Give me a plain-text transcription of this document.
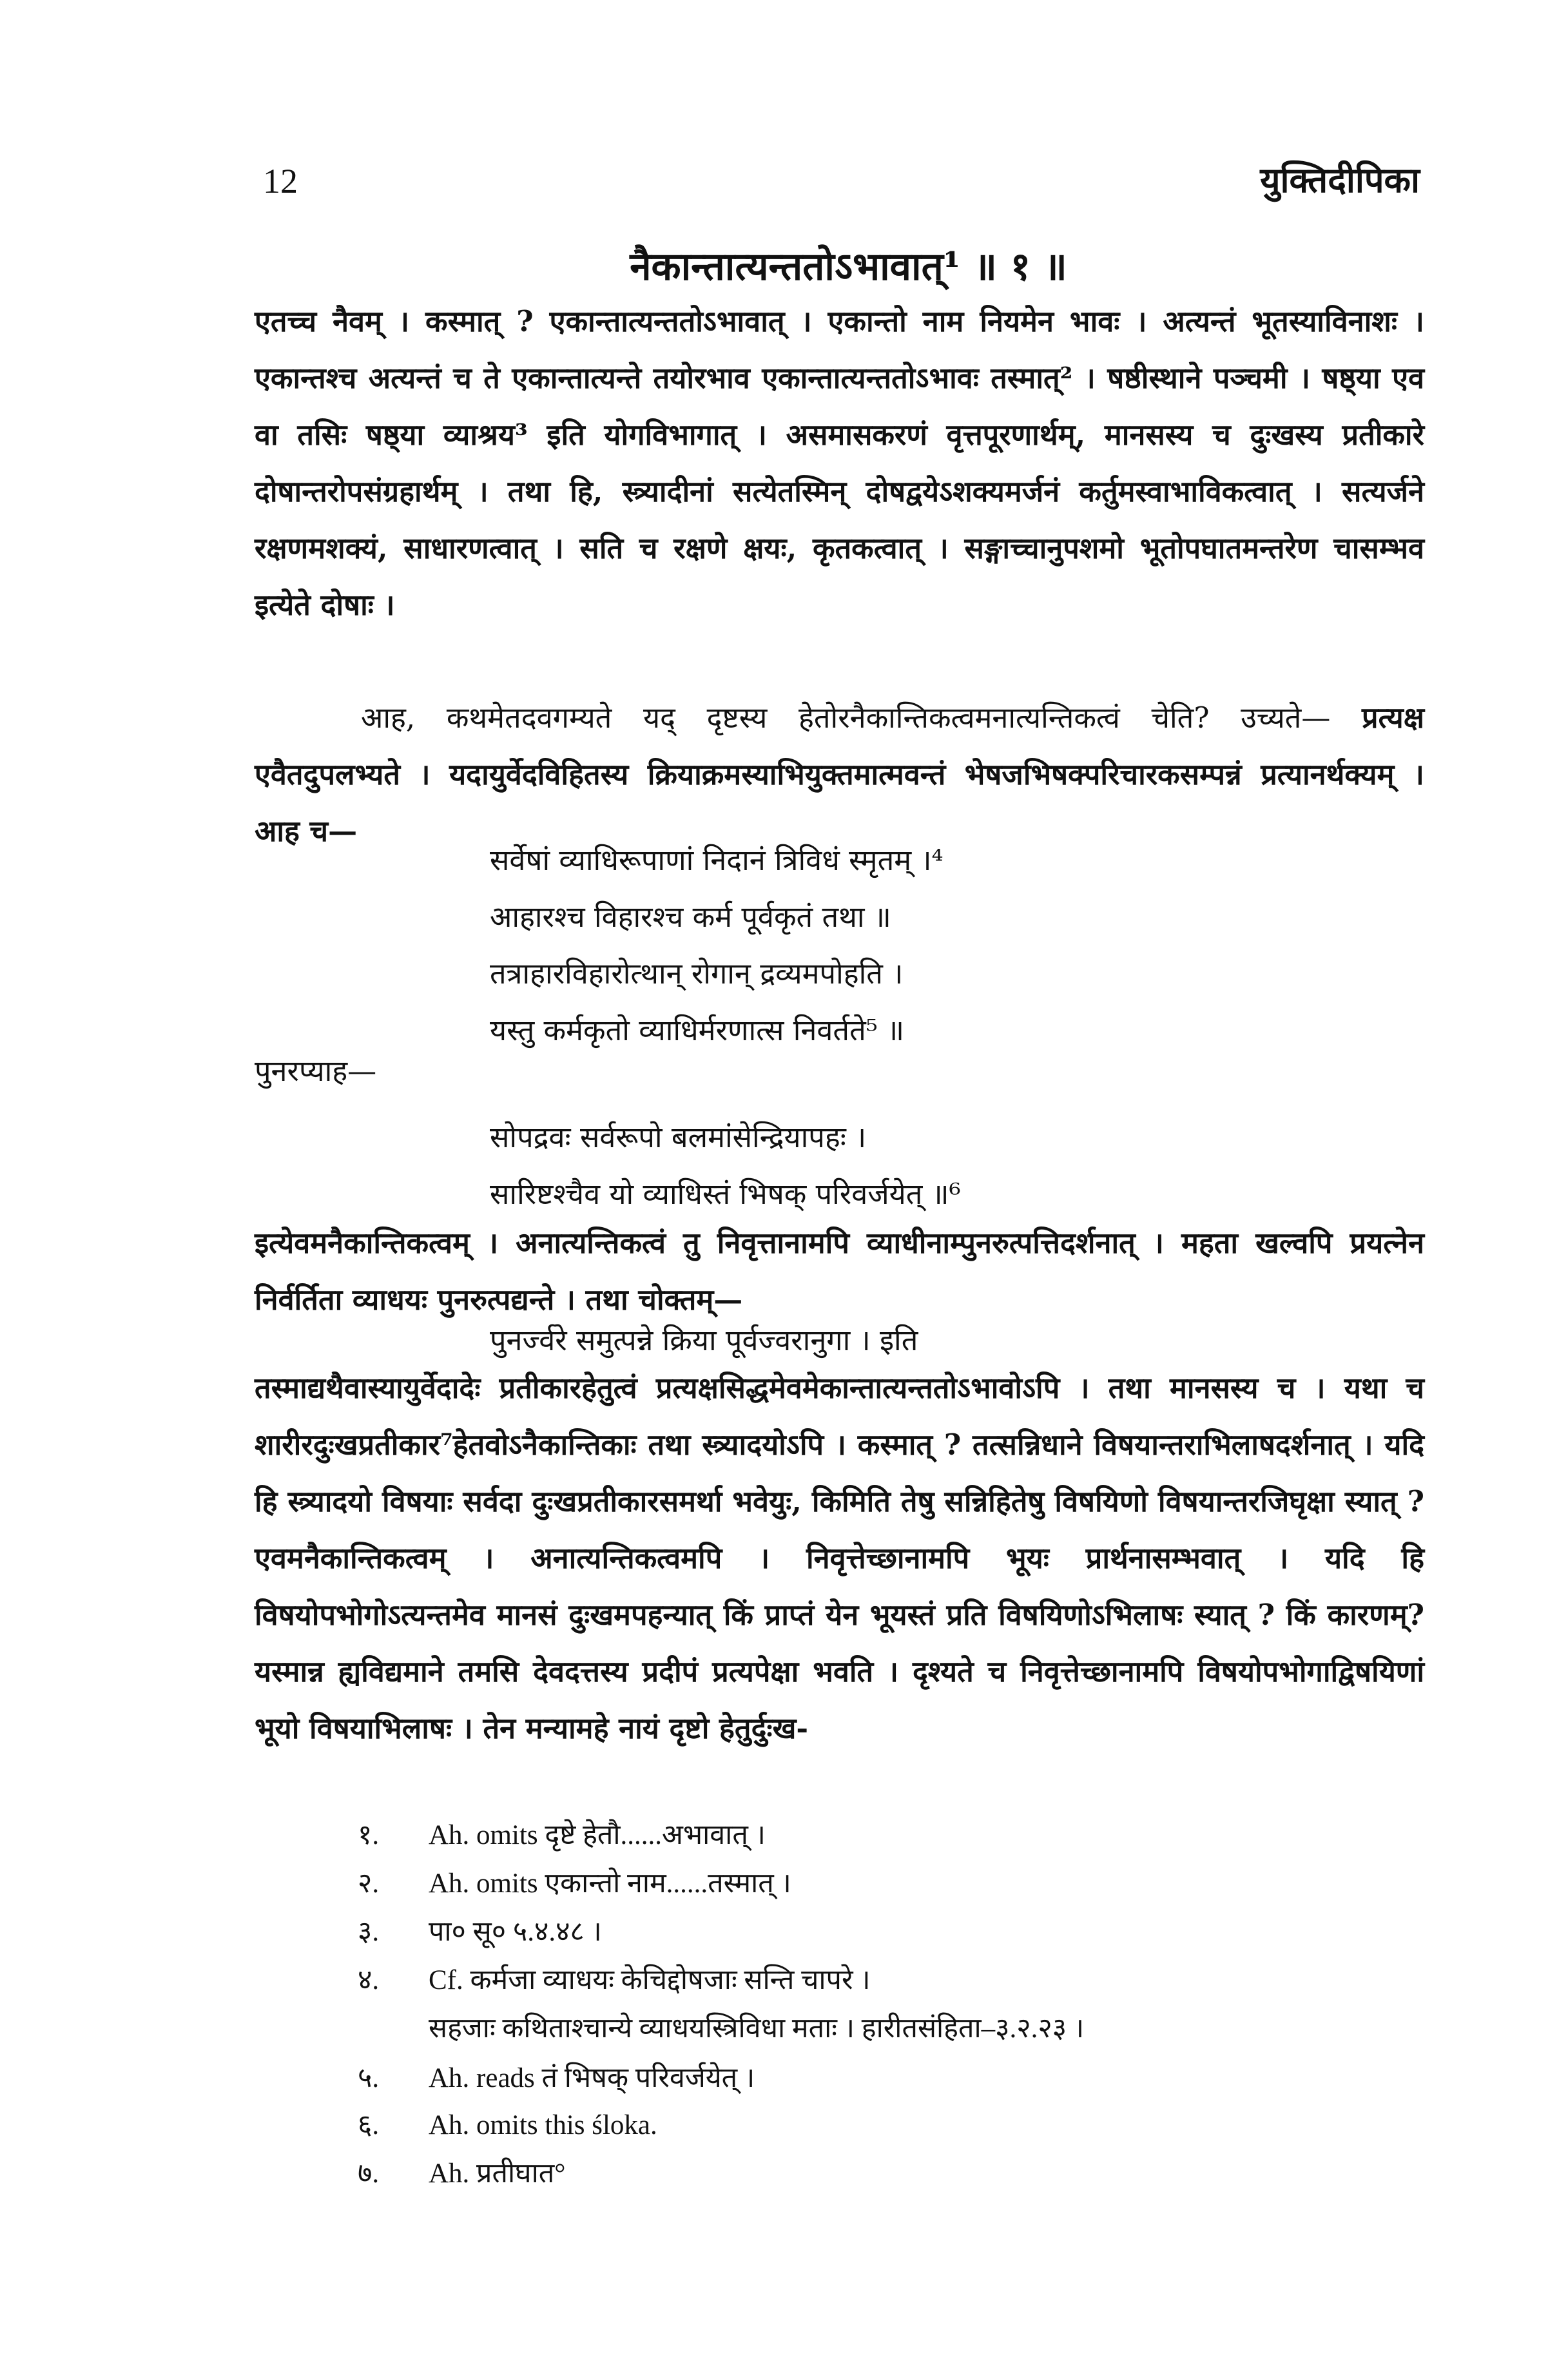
12	युक्तिदीपिका
नैकान्तात्यन्ततोऽभावात्¹ ॥ १ ॥
एतच्च नैवम् । कस्मात् ? एकान्तात्यन्ततोऽभावात् । एकान्तो नाम नियमेन भावः । अत्यन्तं भूतस्याविनाशः । एकान्तश्च अत्यन्तं च ते एकान्तात्यन्ते तयोरभाव एकान्तात्यन्ततोऽभावः तस्मात्² । षष्ठीस्थाने पञ्चमी । षष्ठ्या एव वा तसिः षष्ठ्या व्याश्रय³ इति योगविभागात् । असमासकरणं वृत्तपूरणार्थम्, मानसस्य च दुःखस्य प्रतीकारे दोषान्तरोपसंग्रहार्थम् । तथा हि, स्त्र्यादीनां सत्येतस्मिन् दोषद्वयेऽशक्यमर्जनं कर्तुमस्वाभाविकत्वात् । सत्यर्जने रक्षणमशक्यं, साधारणत्वात् । सति च रक्षणे क्षयः, कृतकत्वात् । सङ्गाच्चानुपशमो भूतोपघातमन्तरेण चासम्भव इत्येते दोषाः ।
आह, कथमेतदवगम्यते यद् दृष्टस्य हेतोरनैकान्तिकत्वमनात्यन्तिकत्वं चेति? उच्यते— प्रत्यक्ष एवैतदुपलभ्यते । यदायुर्वेदविहितस्य क्रियाक्रमस्याभियुक्तमात्मवन्तं भेषजभिषक्परिचारकसम्पन्नं प्रत्यानर्थक्यम् । आह च—
सर्वेषां व्याधिरूपाणां निदानं त्रिविधं स्मृतम् ।⁴
आहारश्च विहारश्च कर्म पूर्वकृतं तथा ॥
तत्राहारविहारोत्थान् रोगान् द्रव्यमपोहति ।
यस्तु कर्मकृतो व्याधिर्मरणात्स निवर्तते⁵ ॥
पुनरप्याह—
सोपद्रवः सर्वरूपो बलमांसेन्द्रियापहः ।
सारिष्टश्चैव यो व्याधिस्तं भिषक् परिवर्जयेत् ॥⁶
इत्येवमनैकान्तिकत्वम् । अनात्यन्तिकत्वं तु निवृत्तानामपि व्याधीनाम्पुनरुत्पत्तिदर्शनात् । महता खल्वपि प्रयत्नेन निर्वर्तिता व्याधयः पुनरुत्पद्यन्ते । तथा चोक्तम्—
पुनर्ज्वरे समुत्पन्ने क्रिया पूर्वज्वरानुगा । इति
तस्माद्यथैवास्यायुर्वेदादेः प्रतीकारहेतुत्वं प्रत्यक्षसिद्धमेवमेकान्तात्यन्ततोऽभावोऽपि । तथा मानसस्य च । यथा च शारीरदुःखप्रतीकार⁷हेतवोऽनैकान्तिकाः तथा स्त्र्यादयोऽपि । कस्मात् ? तत्सन्निधाने विषयान्तराभिलाषदर्शनात् । यदि हि स्त्र्यादयो विषयाः सर्वदा दुःखप्रतीकारसमर्था भवेयुः, किमिति तेषु सन्निहितेषु विषयिणो विषयान्तरजिघृक्षा स्यात् ? एवमनैकान्तिकत्वम् । अनात्यन्तिकत्वमपि । निवृत्तेच्छानामपि भूयः प्रार्थनासम्भवात् । यदि हि विषयोपभोगोऽत्यन्तमेव मानसं दुःखमपहन्यात् किं प्राप्तं येन भूयस्तं प्रति विषयिणोऽभिलाषः स्यात् ? किं कारणम्? यस्मान्न ह्यविद्यमाने तमसि देवदत्तस्य प्रदीपं प्रत्यपेक्षा भवति । दृश्यते च निवृत्तेच्छानामपि विषयोपभोगाद्विषयिणां भूयो विषयाभिलाषः । तेन मन्यामहे नायं दृष्टो हेतुर्दुःख-
१. Ah. omits दृष्टे हेतौ......अभावात् ।
२. Ah. omits एकान्तो नाम......तस्मात् ।
३. पा० सू० ५.४.४८ ।
४. Cf. कर्मजा व्याधयः केचिद्दोषजाः सन्ति चापरे ।
सहजाः कथिताश्चान्ये व्याधयस्त्रिविधा मताः । हारीतसंहिता–३.२.२३ ।
५. Ah. reads तं भिषक् परिवर्जयेत् ।
६. Ah. omits this śloka.
७. Ah. प्रतीघात°
